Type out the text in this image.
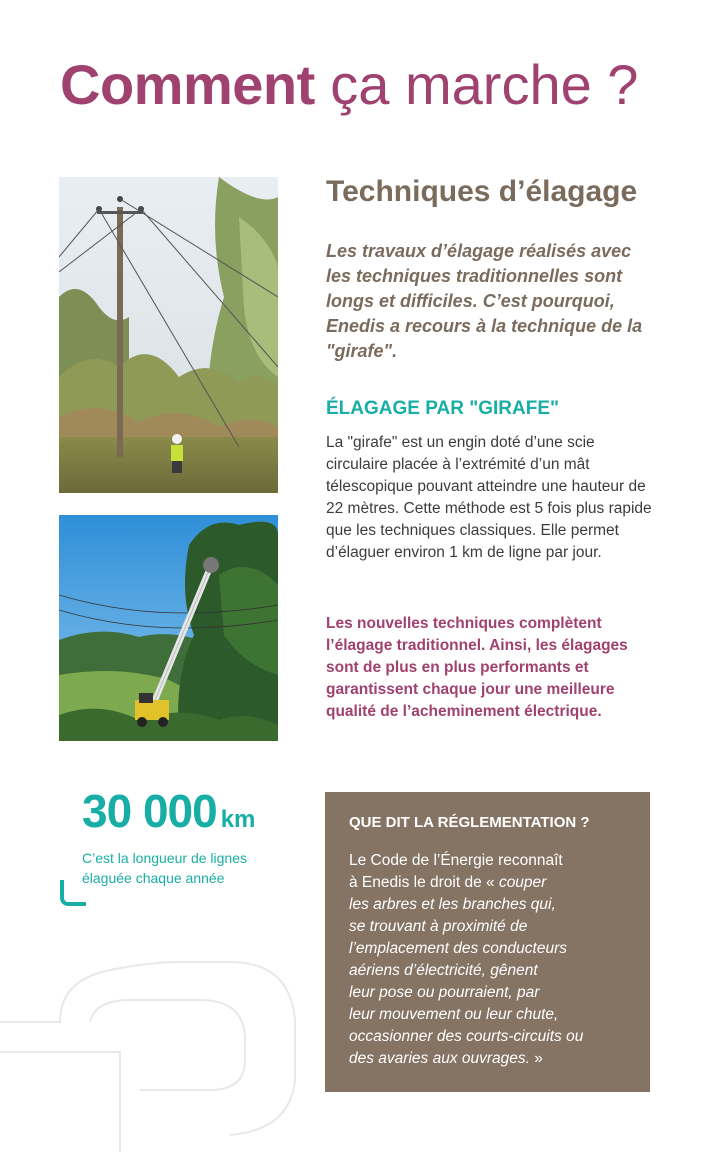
Comment ça marche ?
Techniques d’élagage

Les travaux d’élagage réalisés avec les techniques traditionnelles sont longs et difficiles. C’est pourquoi, Enedis a recours à la technique de la "girafe".

ÉLAGAGE PAR "GIRAFE"

La "girafe" est un engin doté d’une scie circulaire placée à l’extrémité d’un mât télescopique pouvant atteindre une hauteur de 22 mètres. Cette méthode est 5 fois plus rapide que les techniques classiques. Elle permet d’élaguer environ 1 km de ligne par jour.

Les nouvelles techniques complètent l’élagage traditionnel. Ainsi, les élagages sont de plus en plus performants et garantissent chaque jour une meilleure qualité de l’acheminement électrique.

30 000 km

C’est la longueur de lignes élaguée chaque année

QUE DIT LA RÉGLEMENTATION ?

Le Code de l’Énergie reconnaît
à Enedis le droit de « couper
les arbres et les branches qui,
se trouvant à proximité de
l’emplacement des conducteurs
aériens d’électricité, gênent
leur pose ou pourraient, par
leur mouvement ou leur chute,
occasionner des courts-circuits ou
des avaries aux ouvrages. »
